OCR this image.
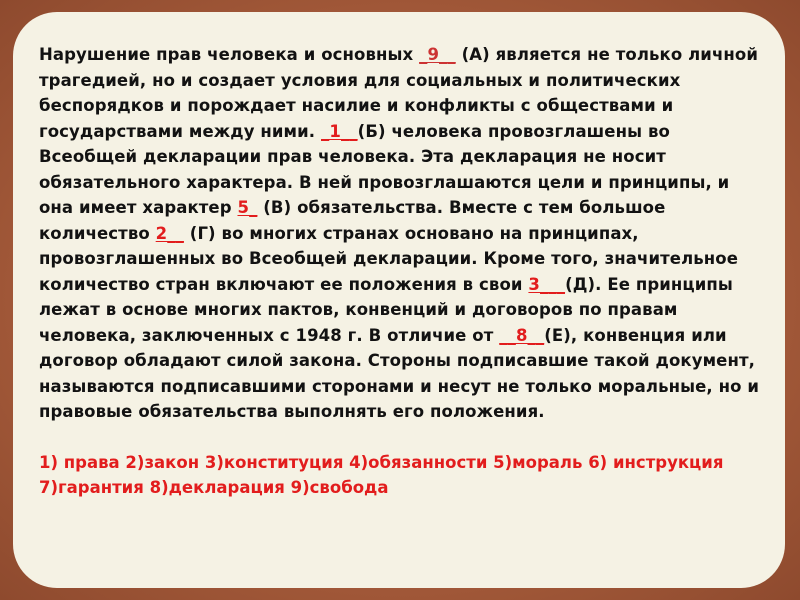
Нарушение прав человека и основных _9__ (А) является не только личной трагедией, но и создает условия для социальных и политических беспорядков и порождает насилие и конфликты с обществами и государствами между ними. _1__(Б) человека провозглашены во Всеобщей декларации прав человека. Эта декларация не носит обязательного характера. В ней провозглашаются цели и принципы, и она имеет характер 5_ (В) обязательства. Вместе с тем большое количество 2__ (Г) во многих странах основано на принципах, провозглашенных во Всеобщей декларации. Кроме того, значительное количество стран включают ее положения в свои 3___(Д). Ее принципы лежат в основе многих пактов, конвенций и договоров по правам человека, заключенных с 1948 г. В отличие от __8__(Е), конвенция или договор обладают силой закона. Стороны подписавшие такой документ, называются подписавшими сторонами и несут не только моральные, но и правовые обязательства выполнять его положения.

1) права 2)закон 3)конституция 4)обязанности 5)мораль 6) инструкция 7)гарантия 8)декларация 9)свобода
